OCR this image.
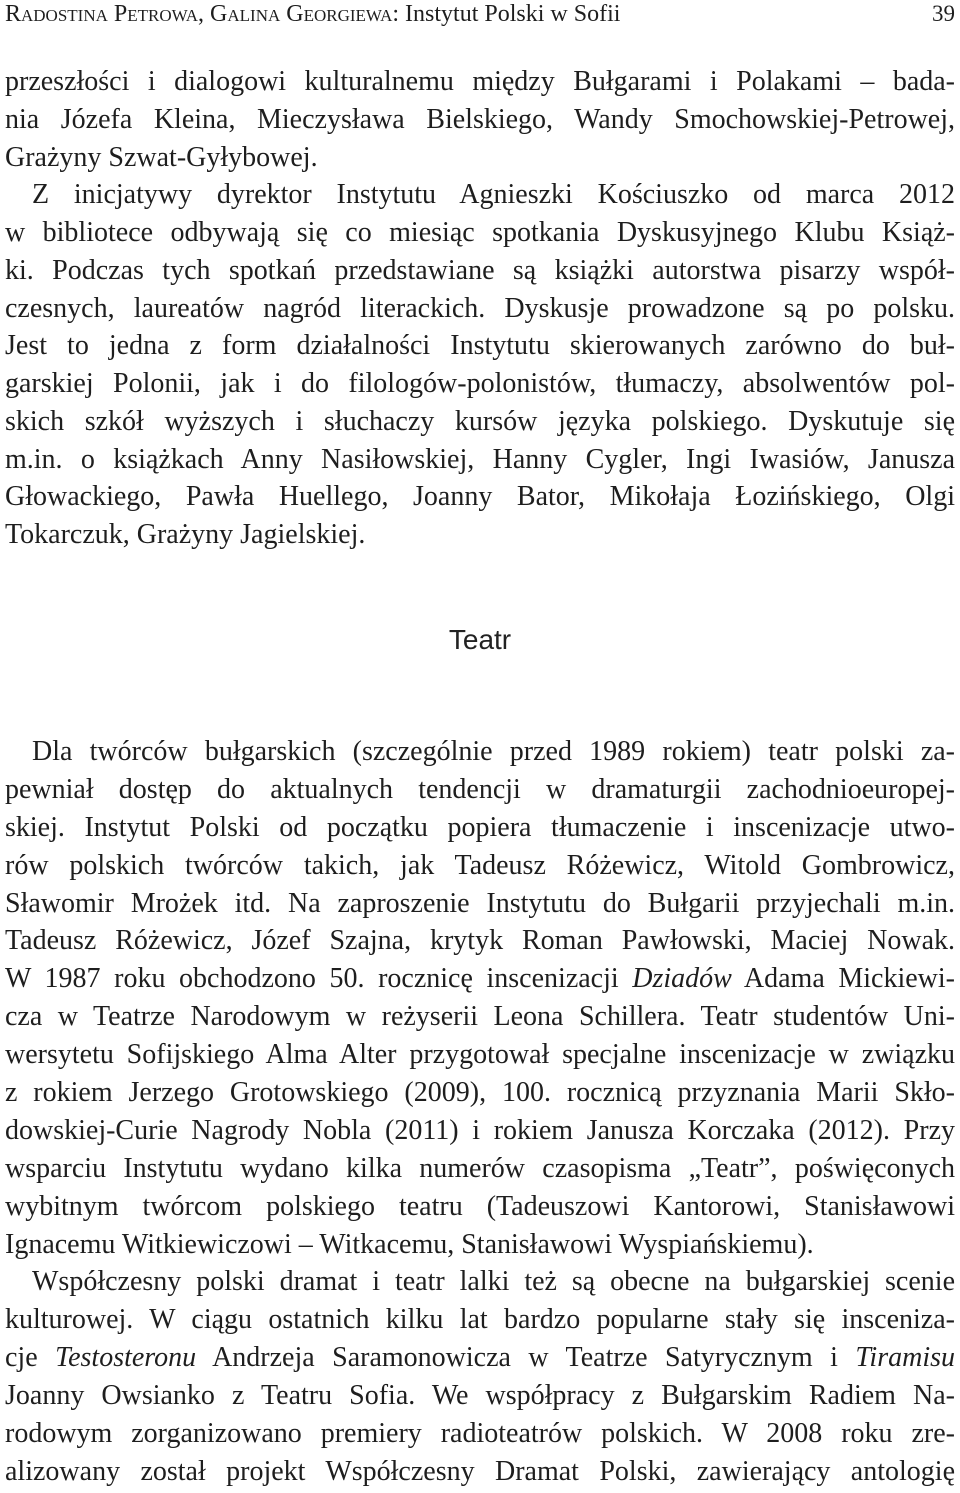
Radostina Petrowa, Galina Georgiewa: Instytut Polski w Sofii	39
przeszłości i dialogowi kulturalnemu między Bułgarami i Polakami – bada-
nia Józefa Kleina, Mieczysława Bielskiego, Wandy Smochowskiej-Petrowej,
Grażyny Szwat-Gyłybowej.
Z inicjatywy dyrektor Instytutu Agnieszki Kościuszko od marca 2012
w bibliotece odbywają się co miesiąc spotkania Dyskusyjnego Klubu Książ-
ki. Podczas tych spotkań przedstawiane są książki autorstwa pisarzy współ-
czesnych, laureatów nagród literackich. Dyskusje prowadzone są po polsku.
Jest to jedna z form działalności Instytutu skierowanych zarówno do buł-
garskiej Polonii, jak i do filologów-polonistów, tłumaczy, absolwentów pol-
skich szkół wyższych i słuchaczy kursów języka polskiego. Dyskutuje się
m.in. o książkach Anny Nasiłowskiej, Hanny Cygler, Ingi Iwasiów, Janusza
Głowackiego, Pawła Huellego, Joanny Bator, Mikołaja Łozińskiego, Olgi
Tokarczuk, Grażyny Jagielskiej.
Teatr
Dla twórców bułgarskich (szczególnie przed 1989 rokiem) teatr polski za-
pewniał dostęp do aktualnych tendencji w dramaturgii zachodnioeuropej-
skiej. Instytut Polski od początku popiera tłumaczenie i inscenizacje utwo-
rów polskich twórców takich, jak Tadeusz Różewicz, Witold Gombrowicz,
Sławomir Mrożek itd. Na zaproszenie Instytutu do Bułgarii przyjechali m.in.
Tadeusz Różewicz, Józef Szajna, krytyk Roman Pawłowski, Maciej Nowak.
W 1987 roku obchodzono 50. rocznicę inscenizacji Dziadów Adama Mickiewi-
cza w Teatrze Narodowym w reżyserii Leona Schillera. Teatr studentów Uni-
wersytetu Sofijskiego Alma Alter przygotował specjalne inscenizacje w związku
z rokiem Jerzego Grotowskiego (2009), 100. rocznicą przyznania Marii Skło-
dowskiej-Curie Nagrody Nobla (2011) i rokiem Janusza Korczaka (2012). Przy
wsparciu Instytutu wydano kilka numerów czasopisma „Teatr”, poświęconych
wybitnym twórcom polskiego teatru (Tadeuszowi Kantorowi, Stanisławowi
Ignacemu Witkiewiczowi – Witkacemu, Stanisławowi Wyspiańskiemu).
Współczesny polski dramat i teatr lalki też są obecne na bułgarskiej scenie
kulturowej. W ciągu ostatnich kilku lat bardzo popularne stały się insceniza-
cje Testosteronu Andrzeja Saramonowicza w Teatrze Satyrycznym i Tiramisu
Joanny Owsianko z Teatru Sofia. We współpracy z Bułgarskim Radiem Na-
rodowym zorganizowano premiery radioteatrów polskich. W 2008 roku zre-
alizowany został projekt Współczesny Dramat Polski, zawierający antologię
